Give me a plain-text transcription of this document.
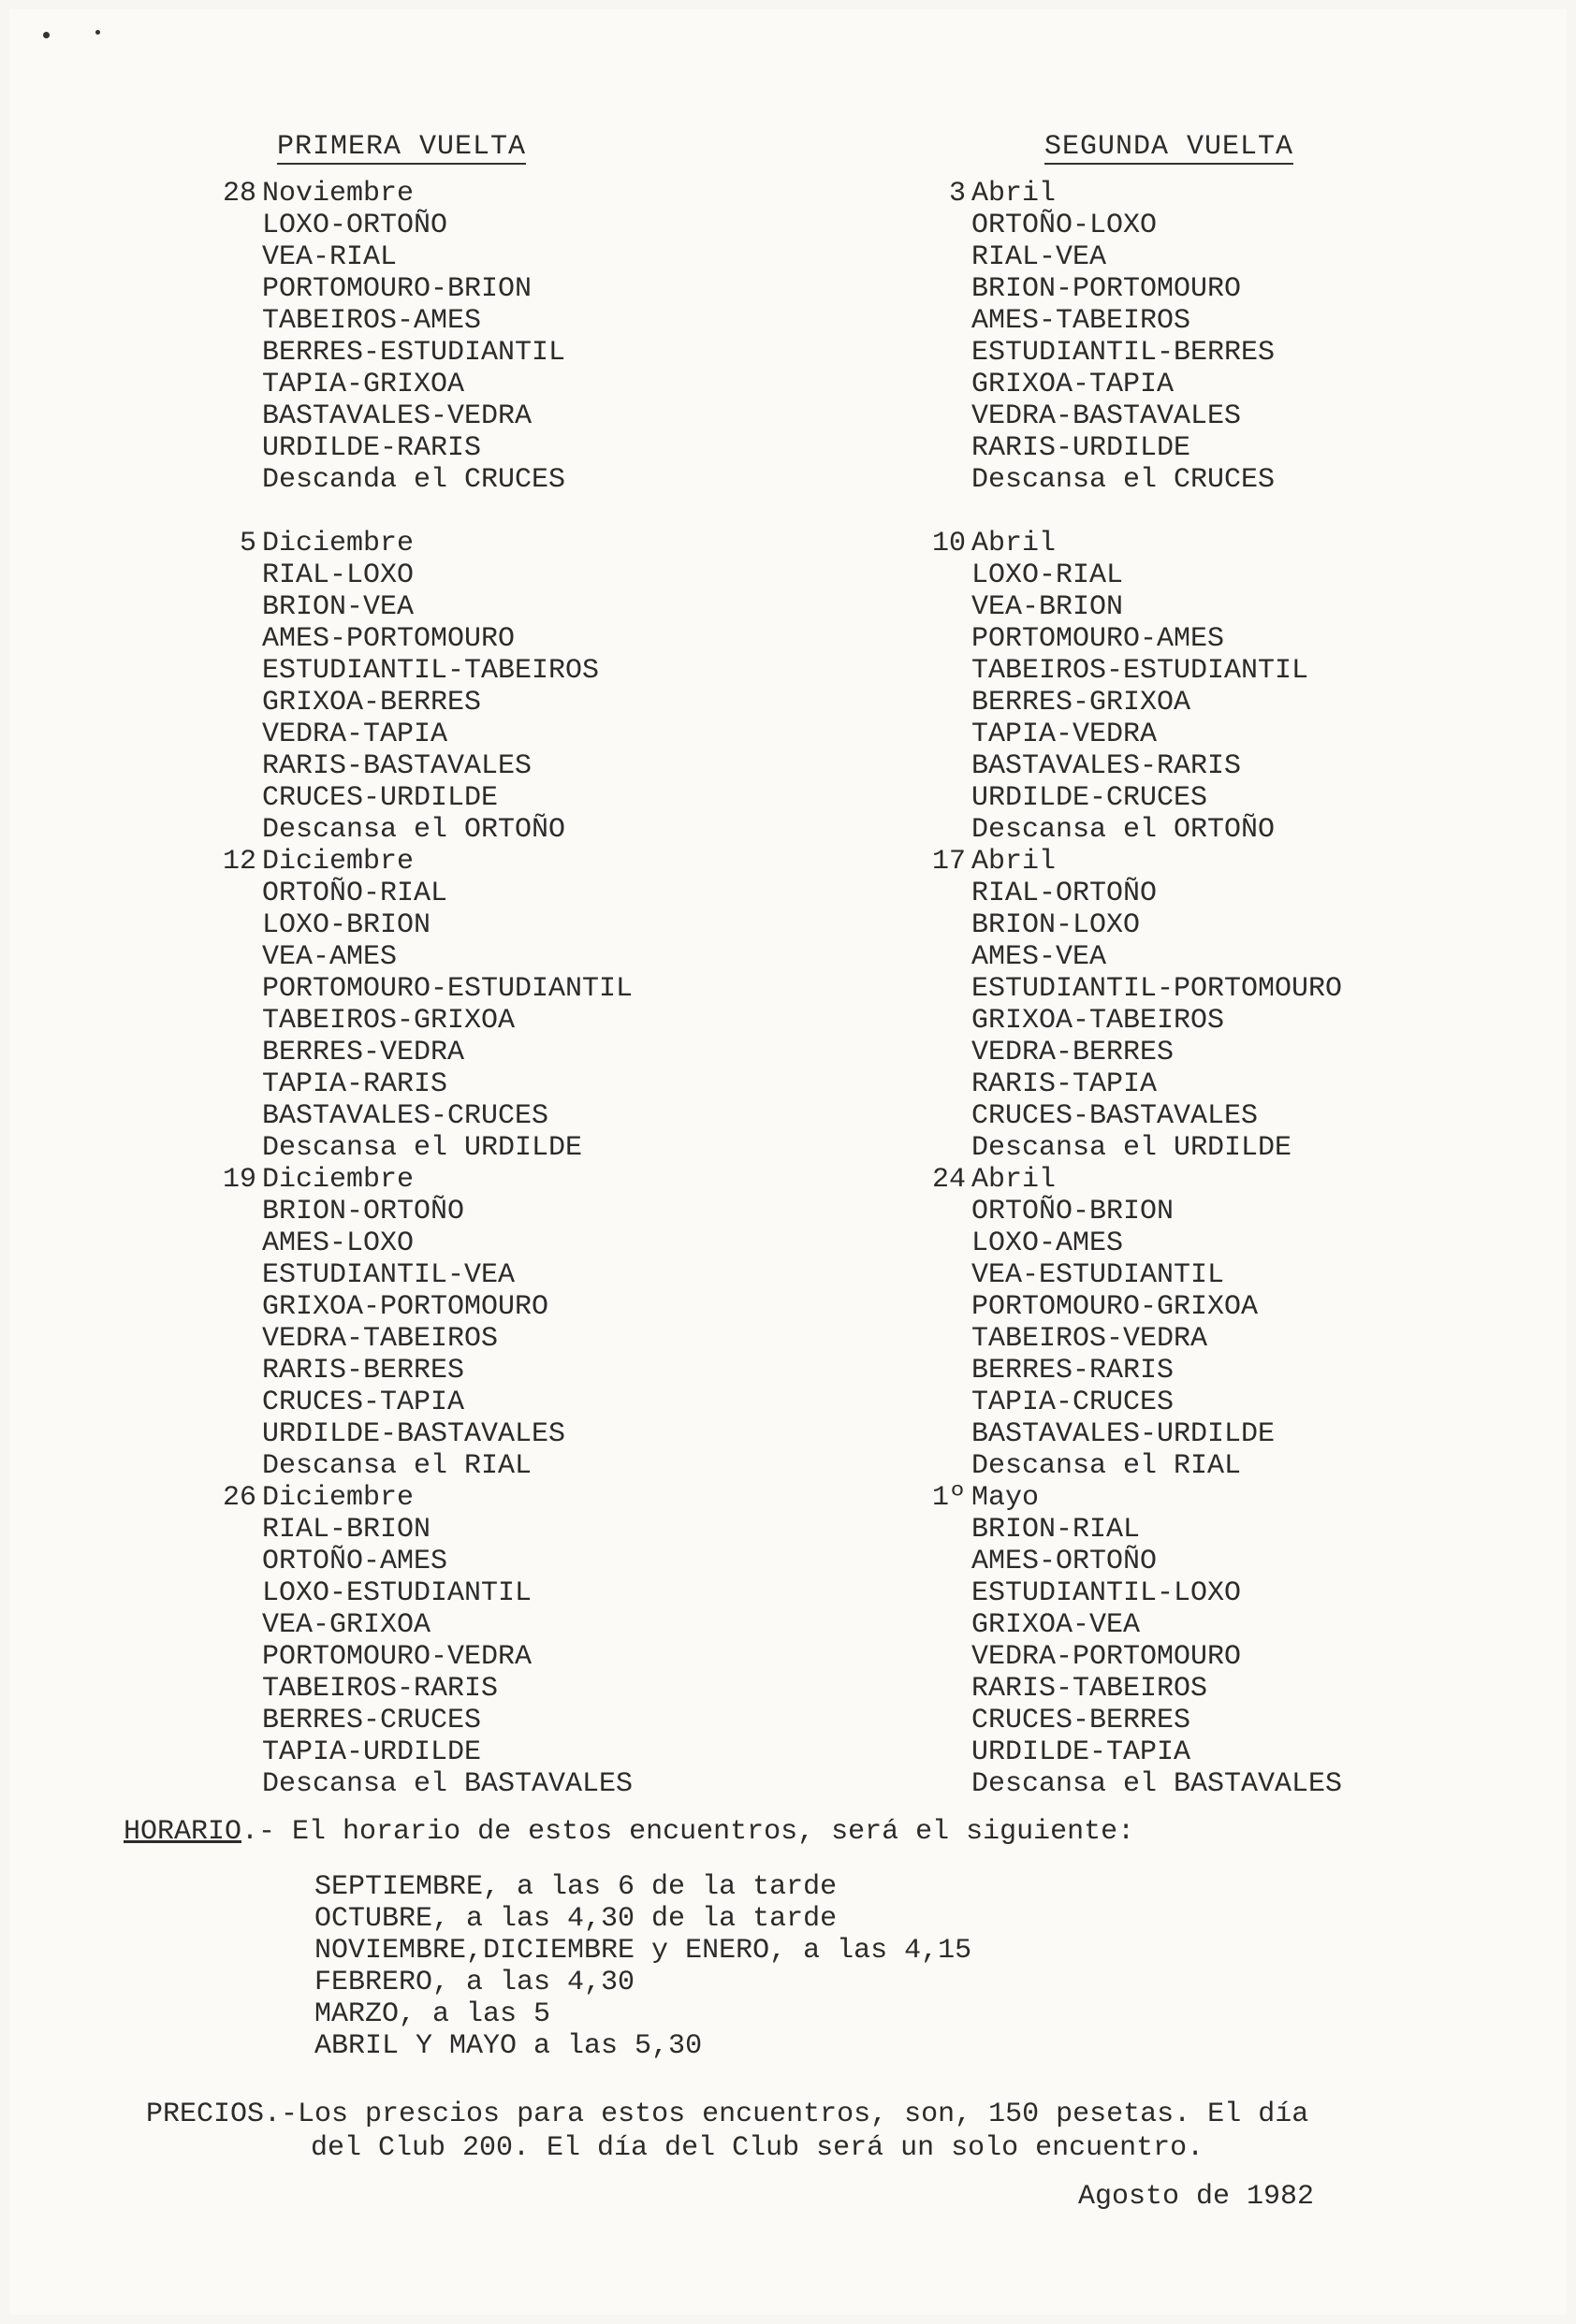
PRIMERA VUELTA
28 Noviembre
LOXO-ORTOÑO
VEA-RIAL
PORTOMOURO-BRION
TABEIROS-AMES
BERRES-ESTUDIANTIL
TAPIA-GRIXOA
BASTAVALES-VEDRA
URDILDE-RARIS
Descanda el CRUCES
5 Diciembre
RIAL-LOXO
BRION-VEA
AMES-PORTOMOURO
ESTUDIANTIL-TABEIROS
GRIXOA-BERRES
VEDRA-TAPIA
RARIS-BASTAVALES
CRUCES-URDILDE
Descansa el ORTOÑO
12 Diciembre
ORTOÑO-RIAL
LOXO-BRION
VEA-AMES
PORTOMOURO-ESTUDIANTIL
TABEIROS-GRIXOA
BERRES-VEDRA
TAPIA-RARIS
BASTAVALES-CRUCES
Descansa el URDILDE
19 Diciembre
BRION-ORTOÑO
AMES-LOXO
ESTUDIANTIL-VEA
GRIXOA-PORTOMOURO
VEDRA-TABEIROS
RARIS-BERRES
CRUCES-TAPIA
URDILDE-BASTAVALES
Descansa el RIAL
26 Diciembre
RIAL-BRION
ORTOÑO-AMES
LOXO-ESTUDIANTIL
VEA-GRIXOA
PORTOMOURO-VEDRA
TABEIROS-RARIS
BERRES-CRUCES
TAPIA-URDILDE
Descansa el BASTAVALES
SEGUNDA VUELTA
3 Abril
ORTOÑO-LOXO
RIAL-VEA
BRION-PORTOMOURO
AMES-TABEIROS
ESTUDIANTIL-BERRES
GRIXOA-TAPIA
VEDRA-BASTAVALES
RARIS-URDILDE
Descansa el CRUCES
10 Abril
LOXO-RIAL
VEA-BRION
PORTOMOURO-AMES
TABEIROS-ESTUDIANTIL
BERRES-GRIXOA
TAPIA-VEDRA
BASTAVALES-RARIS
URDILDE-CRUCES
Descansa el ORTOÑO
17 Abril
RIAL-ORTOÑO
BRION-LOXO
AMES-VEA
ESTUDIANTIL-PORTOMOURO
GRIXOA-TABEIROS
VEDRA-BERRES
RARIS-TAPIA
CRUCES-BASTAVALES
Descansa el URDILDE
24 Abril
ORTOÑO-BRION
LOXO-AMES
VEA-ESTUDIANTIL
PORTOMOURO-GRIXOA
TABEIROS-VEDRA
BERRES-RARIS
TAPIA-CRUCES
BASTAVALES-URDILDE
Descansa el RIAL
1º Mayo
BRION-RIAL
AMES-ORTOÑO
ESTUDIANTIL-LOXO
GRIXOA-VEA
VEDRA-PORTOMOURO
RARIS-TABEIROS
CRUCES-BERRES
URDILDE-TAPIA
Descansa el BASTAVALES
HORARIO.- El horario de estos encuentros, será el siguiente:
SEPTIEMBRE, a las 6 de la tarde
OCTUBRE, a las 4,30 de la tarde
NOVIEMBRE,DICIEMBRE y ENERO, a las 4,15
FEBRERO, a las 4,30
MARZO, a las 5
ABRIL Y MAYO a las 5,30
PRECIOS.-Los prescios para estos encuentros, son, 150 pesetas. El día
del Club 200. El día del Club será un solo encuentro.
Agosto de 1982
